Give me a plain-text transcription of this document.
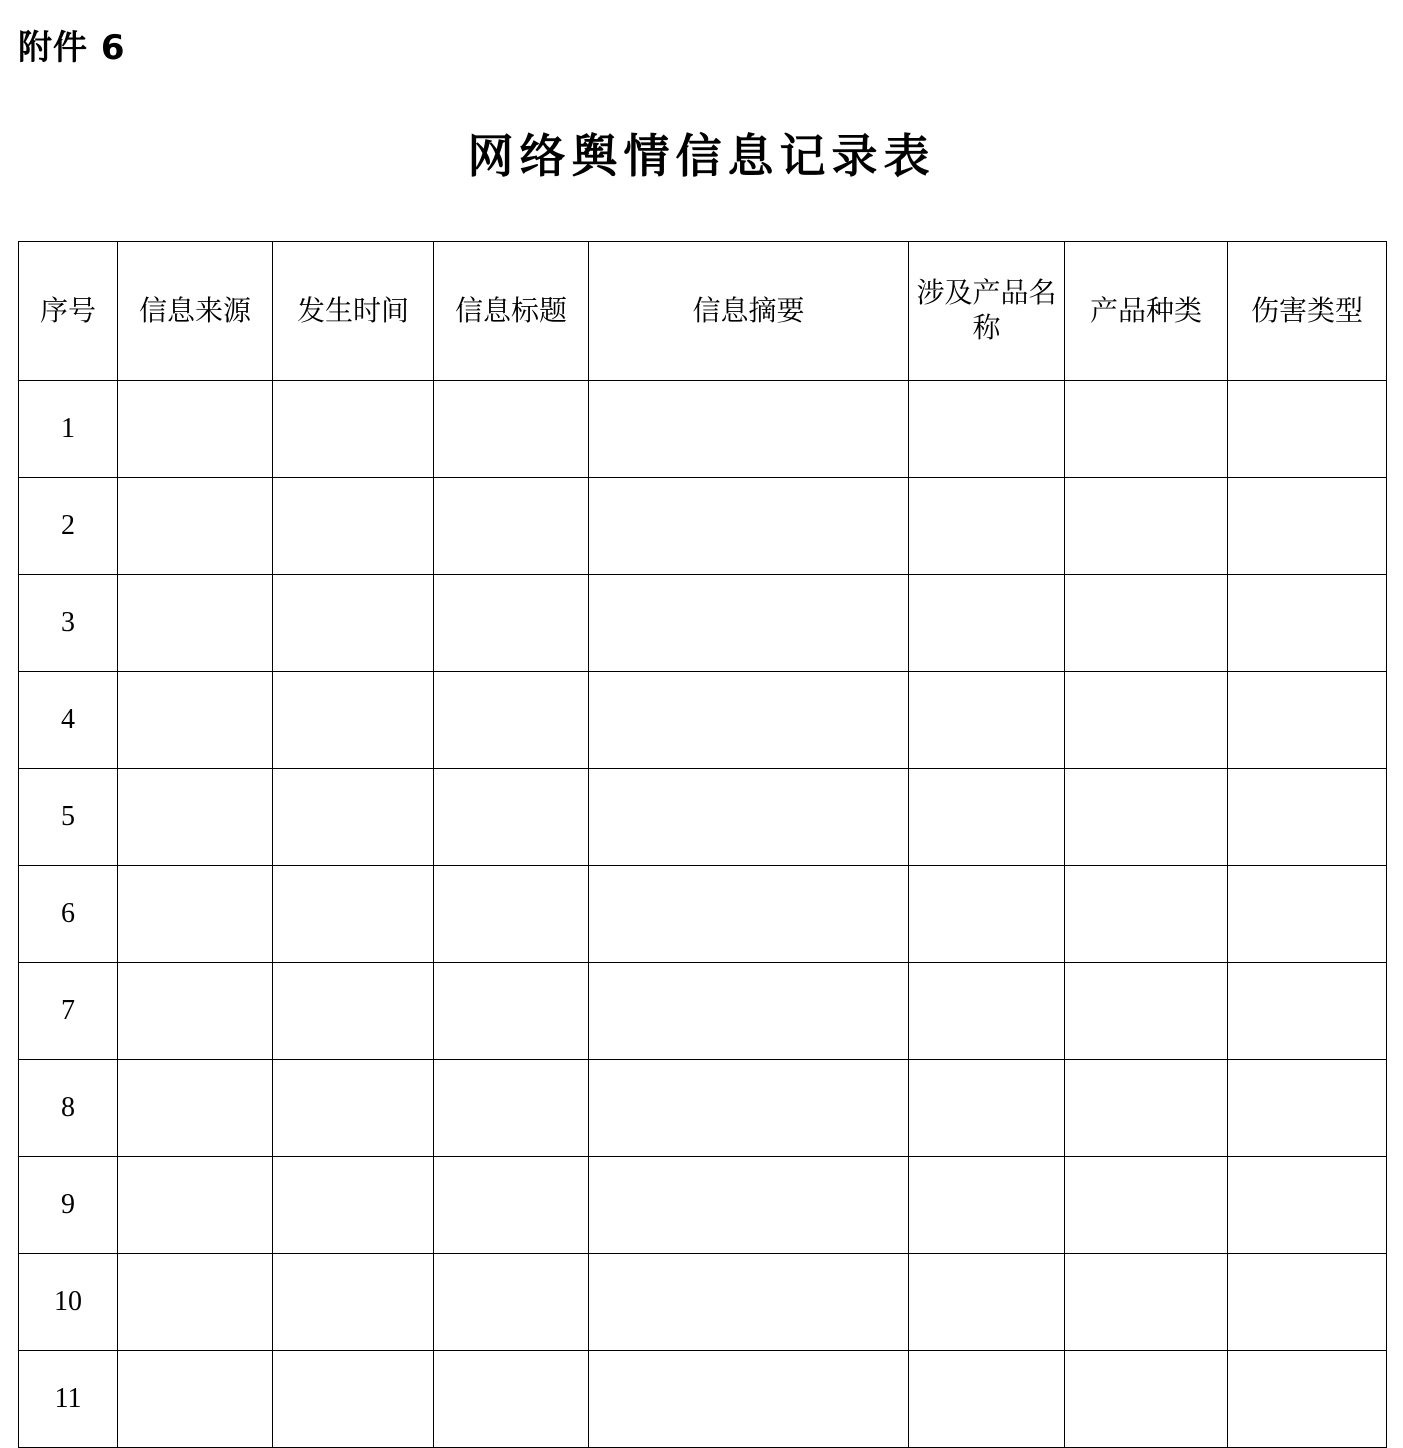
附件 6
网络舆情信息记录表
序号	信息来源	发生时间	信息标题	信息摘要	涉及产品名称	产品种类	伤害类型
1							
2							
3							
4							
5							
6							
7							
8							
9							
10							
11							
